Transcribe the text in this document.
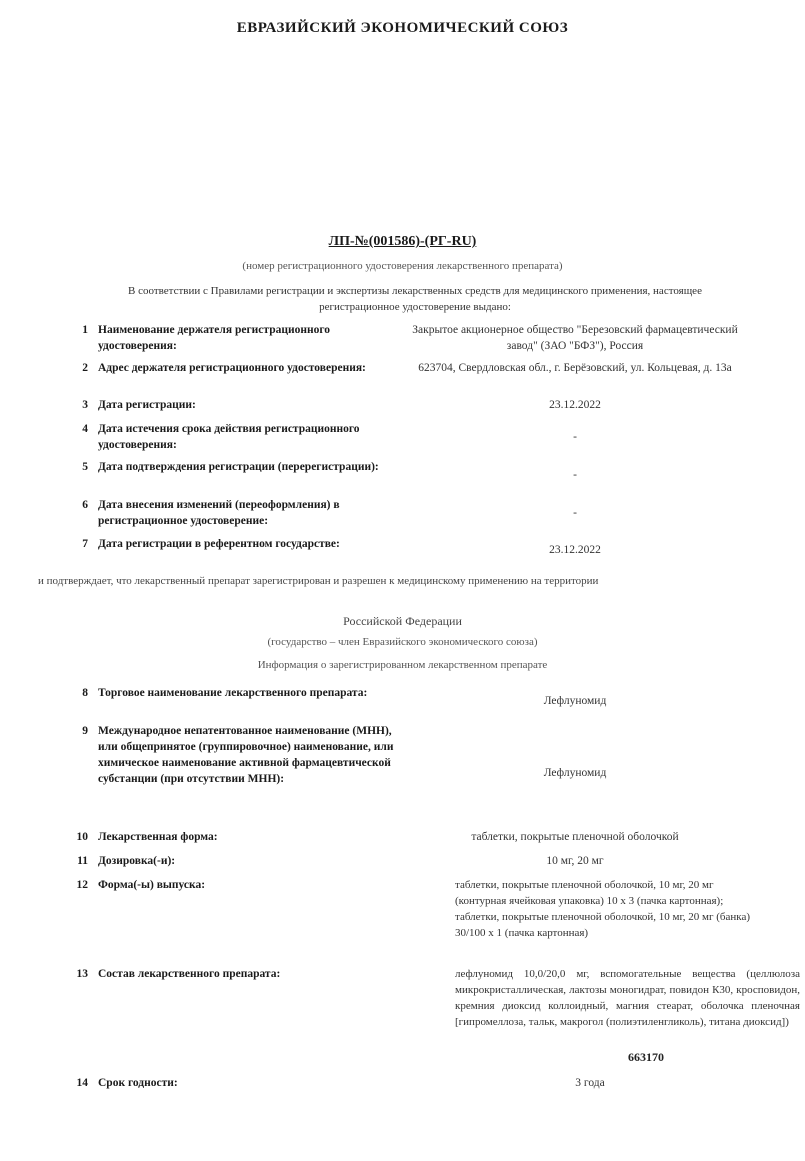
ЕВРАЗИЙСКИЙ ЭКОНОМИЧЕСКИЙ СОЮЗ
ЛП-№(001586)-(РГ-RU)
(номер регистрационного удостоверения лекарственного препарата)
В соответствии с Правилами регистрации и экспертизы лекарственных средств для медицинского применения, настоящее регистрационное удостоверение выдано:
1 Наименование держателя регистрационного удостоверения:
Закрытое акционерное общество "Березовский фармацевтический завод" (ЗАО "БФЗ"), Россия
2 Адрес держателя регистрационного удостоверения:	623704, Свердловская обл., г. Берёзовский, ул. Кольцевая, д. 13а
3 Дата регистрации:	23.12.2022
4 Дата истечения срока действия регистрационного удостоверения:
-
5 Дата подтверждения регистрации (перерегистрации):
-
6 Дата внесения изменений (переоформления) в регистрационное удостоверение:
-
7 Дата регистрации в референтном государстве:	23.12.2022
и подтверждает, что лекарственный препарат зарегистрирован и разрешен к медицинскому применению на территории
Российской Федерации
(государство – член Евразийского экономического союза)
Информация о зарегистрированном лекарственном препарате
8 Торговое наименование лекарственного препарата:
Лефлуномид
9 Международное непатентованное наименование (МНН), или общепринятое (группировочное) наименование, или химическое наименование активной фармацевтической субстанции (при отсутствии МНН):	Лефлуномид
10 Лекарственная форма:	таблетки, покрытые пленочной оболочкой
11 Дозировка(-и):	10 мг, 20 мг
12 Форма(-ы) выпуска:	таблетки, покрытые пленочной оболочкой, 10 мг, 20 мг (контурная ячейковая упаковка) 10 х 3 (пачка картонная); таблетки, покрытые пленочной оболочкой, 10 мг, 20 мг (банка) 30/100 х 1 (пачка картонная)
13 Состав лекарственного препарата:	лефлуномид 10,0/20,0 мг, вспомогательные вещества (целлюлоза микрокристаллическая, лактозы моногидрат, повидон К30, кросповидон, кремния диоксид коллоидный, магния стеарат, оболочка пленочная [гипромеллоза, тальк, макрогол (полиэтиленгликоль), титана диоксид])
14 Срок годности:	3 года
663170
